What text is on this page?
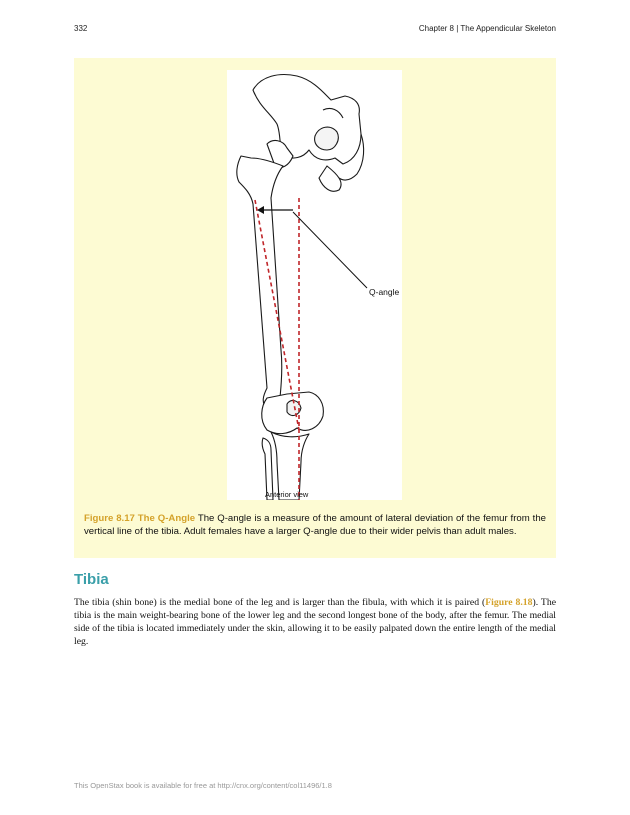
332	Chapter 8 | The Appendicular Skeleton
Q-angle
Anterior view
Figure 8.17 The Q-Angle The Q-angle is a measure of the amount of lateral deviation of the femur from the vertical line of the tibia. Adult females have a larger Q-angle due to their wider pelvis than adult males.
Tibia

The tibia (shin bone) is the medial bone of the leg and is larger than the fibula, with which it is paired (Figure 8.18). The tibia is the main weight-bearing bone of the lower leg and the second longest bone of the body, after the femur. The medial side of the tibia is located immediately under the skin, allowing it to be easily palpated down the entire length of the medial leg.

This OpenStax book is available for free at http://cnx.org/content/col11496/1.8
